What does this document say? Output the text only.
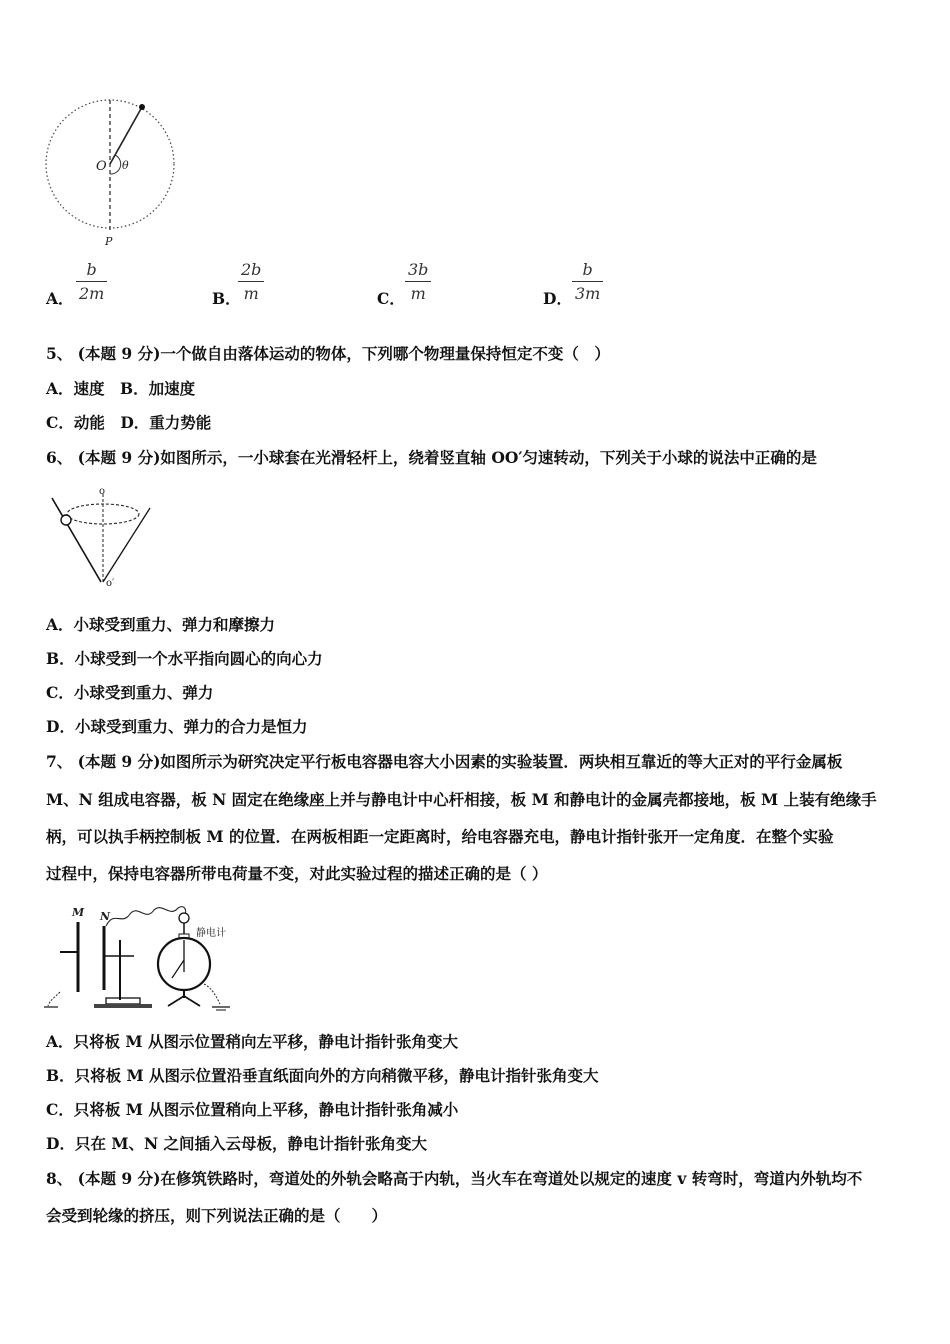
O θ
P
A．
b
2m	B．
2b
m	C．
3b
m	D．
b
3m
5、 (本题 9 分)一个做自由落体运动的物体，下列哪个物理量保持恒定不变（　）
A．速度　B．加速度
C．动能　D．重力势能
6、 (本题 9 分)如图所示，一小球套在光滑轻杆上，绕着竖直轴 OO′匀速转动，下列关于小球的说法中正确的是
o
o′
A．小球受到重力、弹力和摩擦力
B．小球受到一个水平指向圆心的向心力
C．小球受到重力、弹力
D．小球受到重力、弹力的合力是恒力
7、 (本题 9 分)如图所示为研究决定平行板电容器电容大小因素的实验装置．两块相互靠近的等大正对的平行金属板
M、N 组成电容器，板 N 固定在绝缘座上并与静电计中心杆相接，板 M 和静电计的金属壳都接地，板 M 上装有绝缘手
柄，可以执手柄控制板 M 的位置．在两板相距一定距离时，给电容器充电，静电计指针张开一定角度．在整个实验
过程中，保持电容器所带电荷量不变，对此实验过程的描述正确的是（ ）
M N
静电计
A．只将板 M 从图示位置稍向左平移，静电计指针张角变大
B．只将板 M 从图示位置沿垂直纸面向外的方向稍微平移，静电计指针张角变大
C．只将板 M 从图示位置稍向上平移，静电计指针张角减小
D．只在 M、N 之间插入云母板，静电计指针张角变大
8、 (本题 9 分)在修筑铁路时，弯道处的外轨会略高于内轨，当火车在弯道处以规定的速度 v 转弯时，弯道内外轨均不
会受到轮缘的挤压，则下列说法正确的是（　　）
